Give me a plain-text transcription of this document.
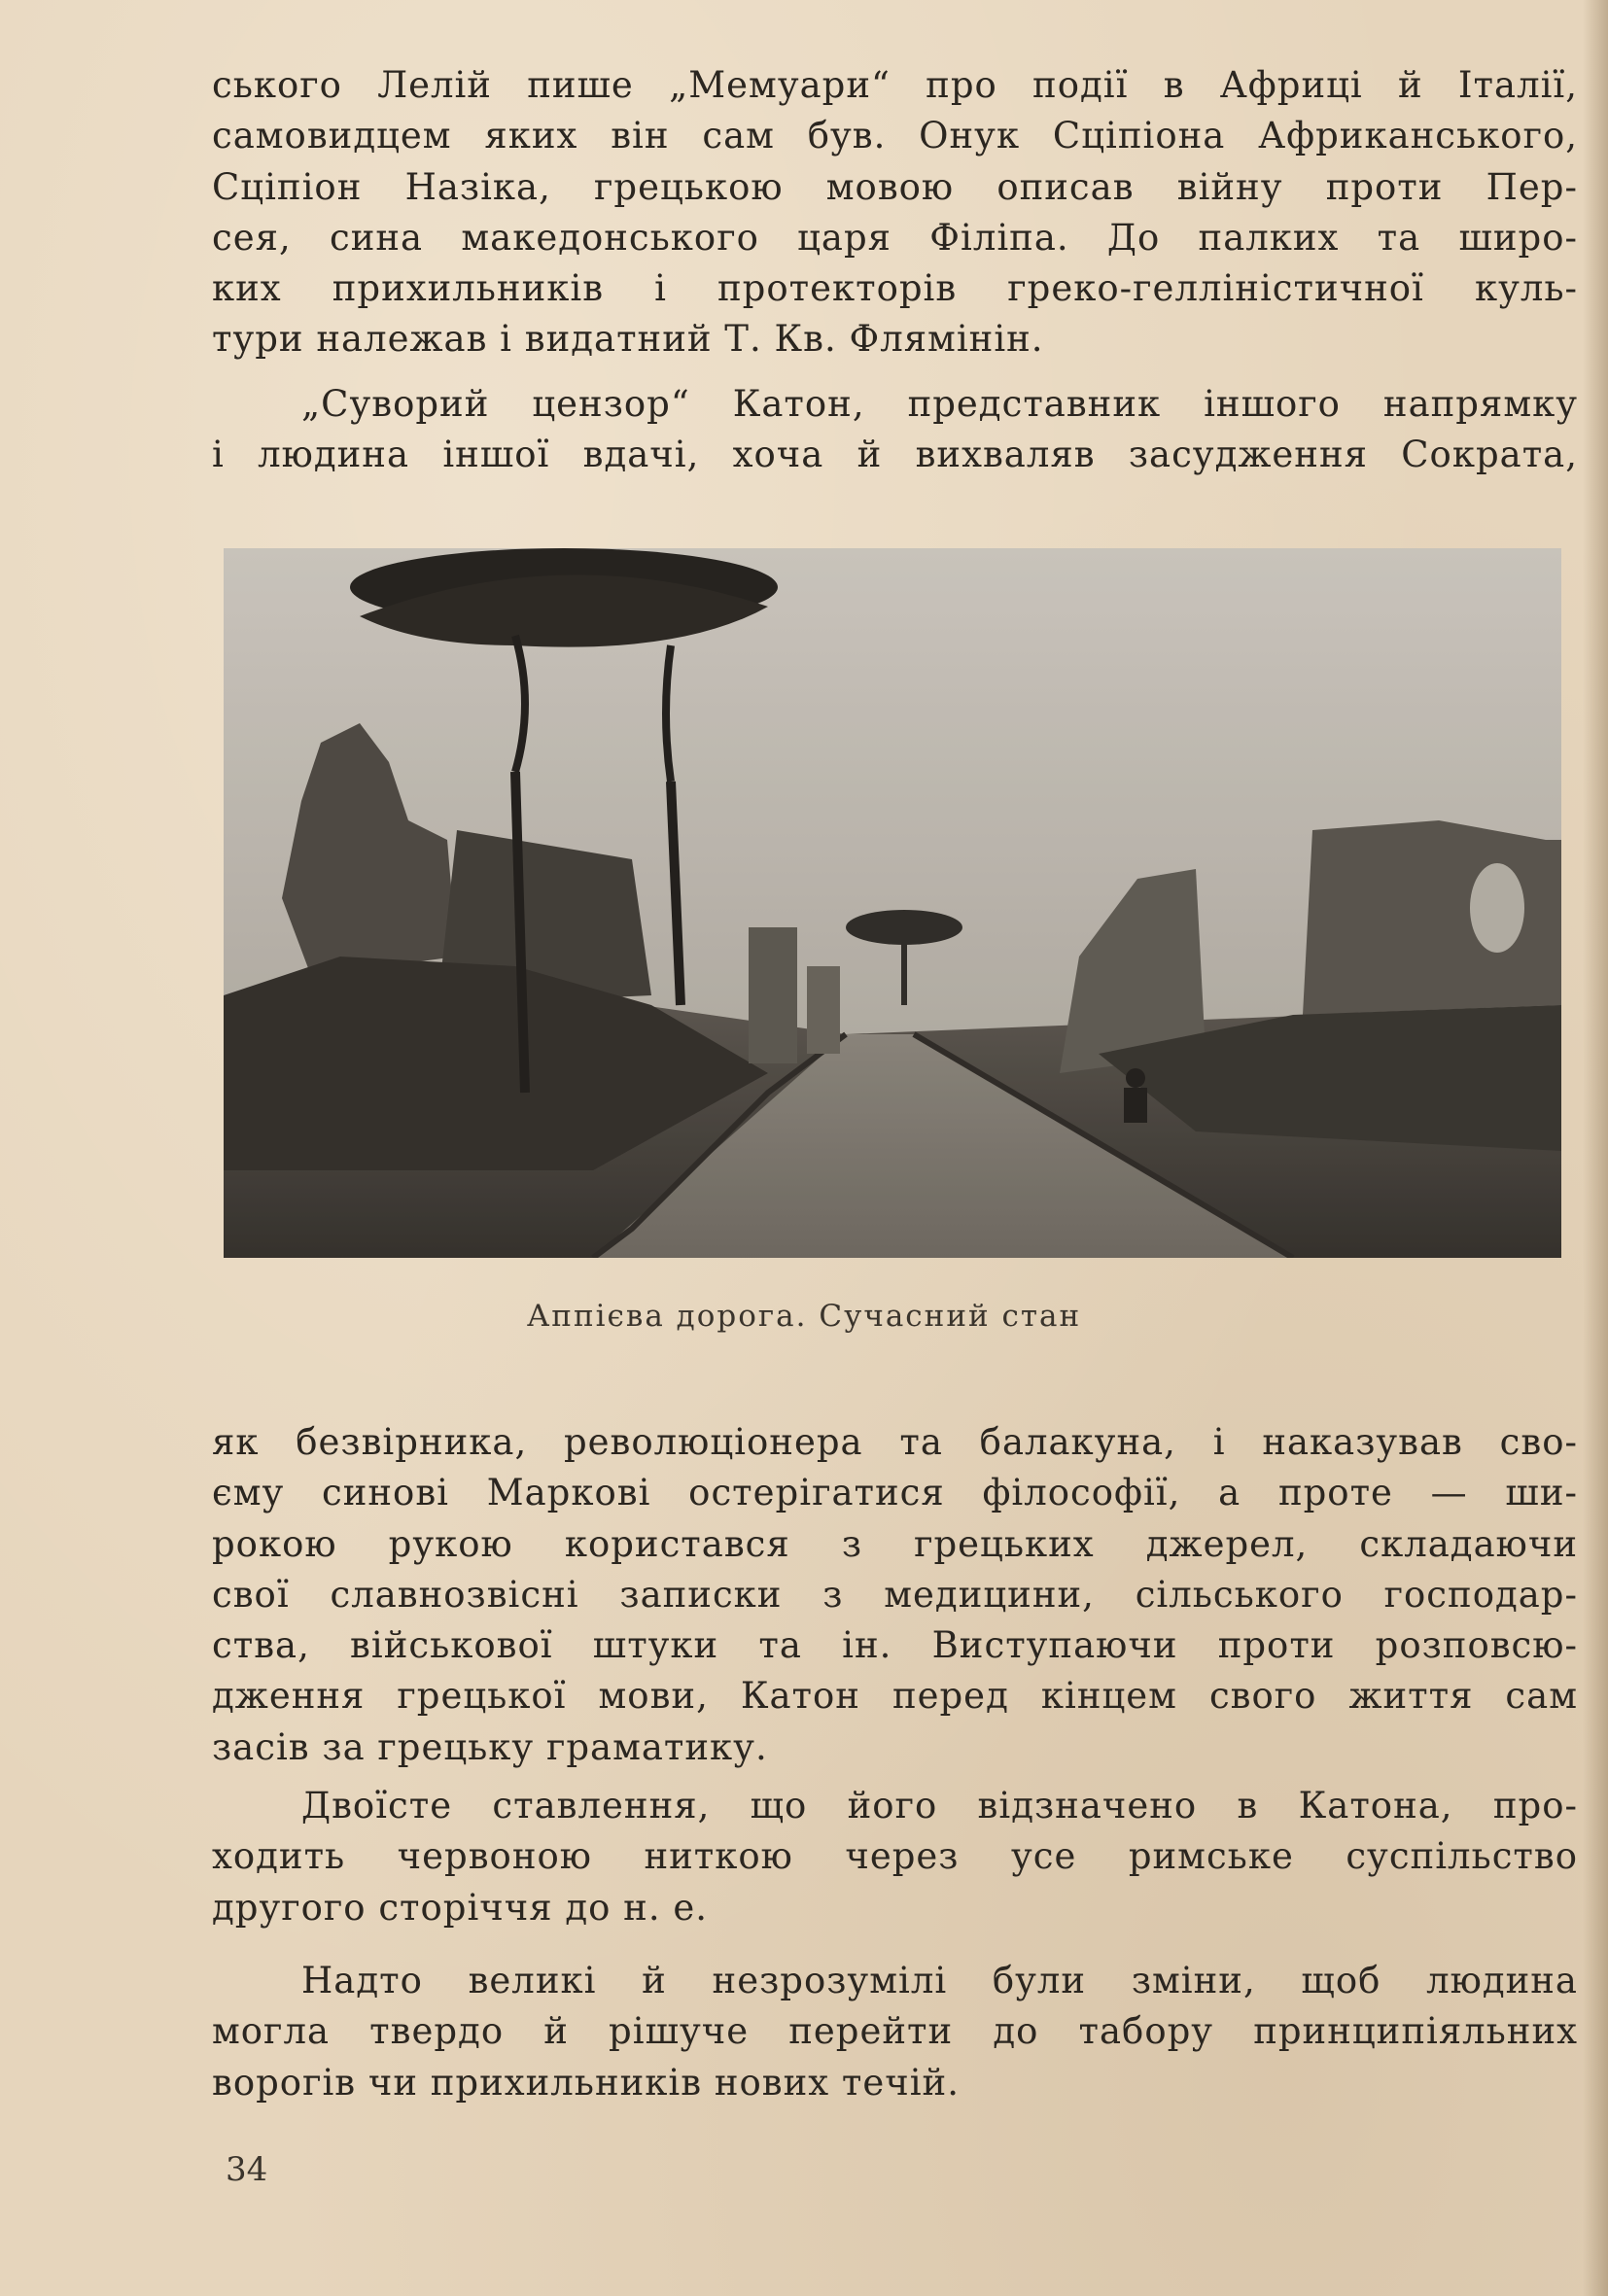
ського Лелій пише „Мемуари“ про події в Африці й Італії,
самовидцем яких він сам був. Онук Сціпіона Африканського,
Сціпіон Назіка, грецькою мовою описав війну проти Пер-
сея, сина македонського царя Філіпа. До палких та широ-
ких прихильників і протекторів греко-гелліністичної куль-
тури належав і видатний Т. Кв. Флямінін.
„Суворий цензор“ Катон, представник іншого напрямку
і людина іншої вдачі, хоча й вихваляв засудження Сократа,
Аппієва дорога. Сучасний стан
як безвірника, революціонера та балакуна, і наказував сво-
єму синові Маркові остерігатися філософії, а проте — ши-
рокою рукою користався з грецьких джерел, складаючи
свої славнозвісні записки з медицини, сільського господар-
ства, військової штуки та ін. Виступаючи проти розповсю-
дження грецької мови, Катон перед кінцем свого життя сам
засів за грецьку граматику.
Двоїсте ставлення, що його відзначено в Катона, про-
ходить червоною ниткою через усе римське суспільство
другого сторіччя до н. е.
Надто великі й незрозумілі були зміни, щоб людина
могла твердо й рішуче перейти до табору принципіяльних
ворогів чи прихильників нових течій.
34
